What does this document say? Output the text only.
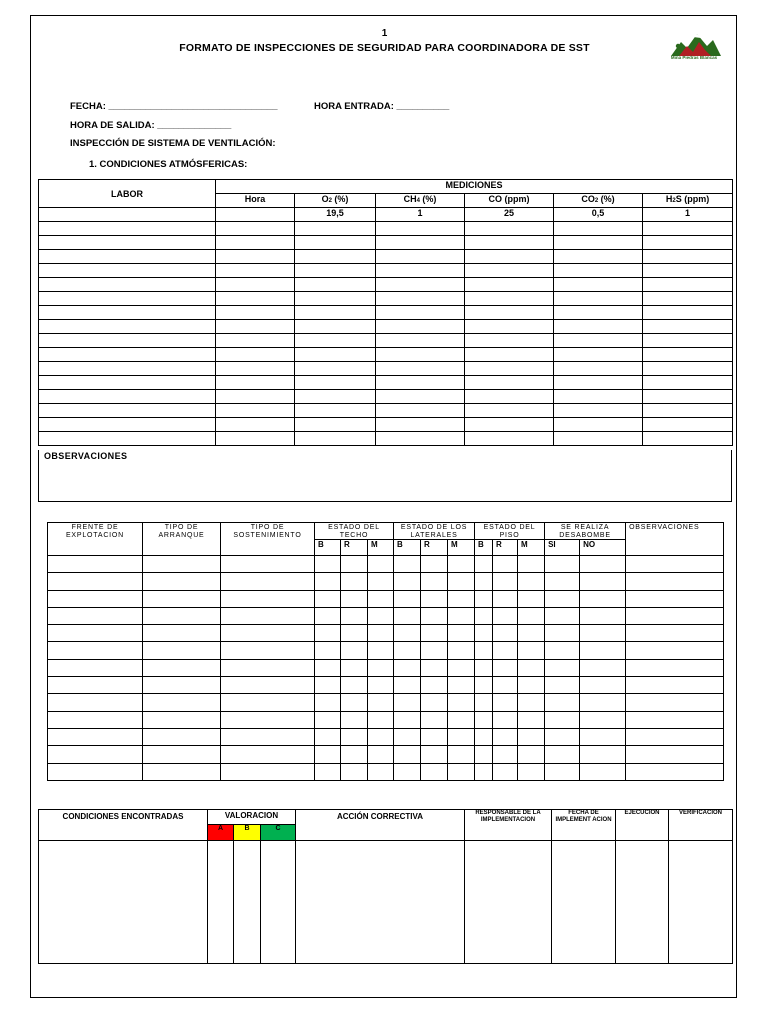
1
FORMATO DE INSPECCIONES DE SEGURIDAD PARA COORDINADORA DE SST
Mina Piedras Blancas
FECHA: ________________________________	HORA ENTRADA: __________
HORA DE SALIDA: ______________
INSPECCIÓN DE SISTEMA DE VENTILACIÓN:
1. CONDICIONES ATMÓSFERICAS:
LABOR	MEDICIONES					
	Hora	O2 (%)	CH4 (%)	CO (ppm)	CO2 (%)	H2S (ppm)
		19,5	1	25	0,5	1

OBSERVACIONES
FRENTE DE EXPLOTACION	TIPO DE ARRANQUE	TIPO DE SOSTENIMIENTO	ESTADO DEL TECHO			ESTADO DE LOS LATERALES			ESTADO DEL PISO			SE REALIZA DESABOMBE		OBSERVACIONES
			B	R	M	B	R	M	B	R	M	SI	NO	

CONDICIONES ENCONTRADAS	VALORACION			ACCIÓN CORRECTIVA	RESPONSABLE DE LA IMPLEMENTACION	FECHA DE IMPLEMENT ACION	EJECUCION	VERIFICACION
	A	B	C					
